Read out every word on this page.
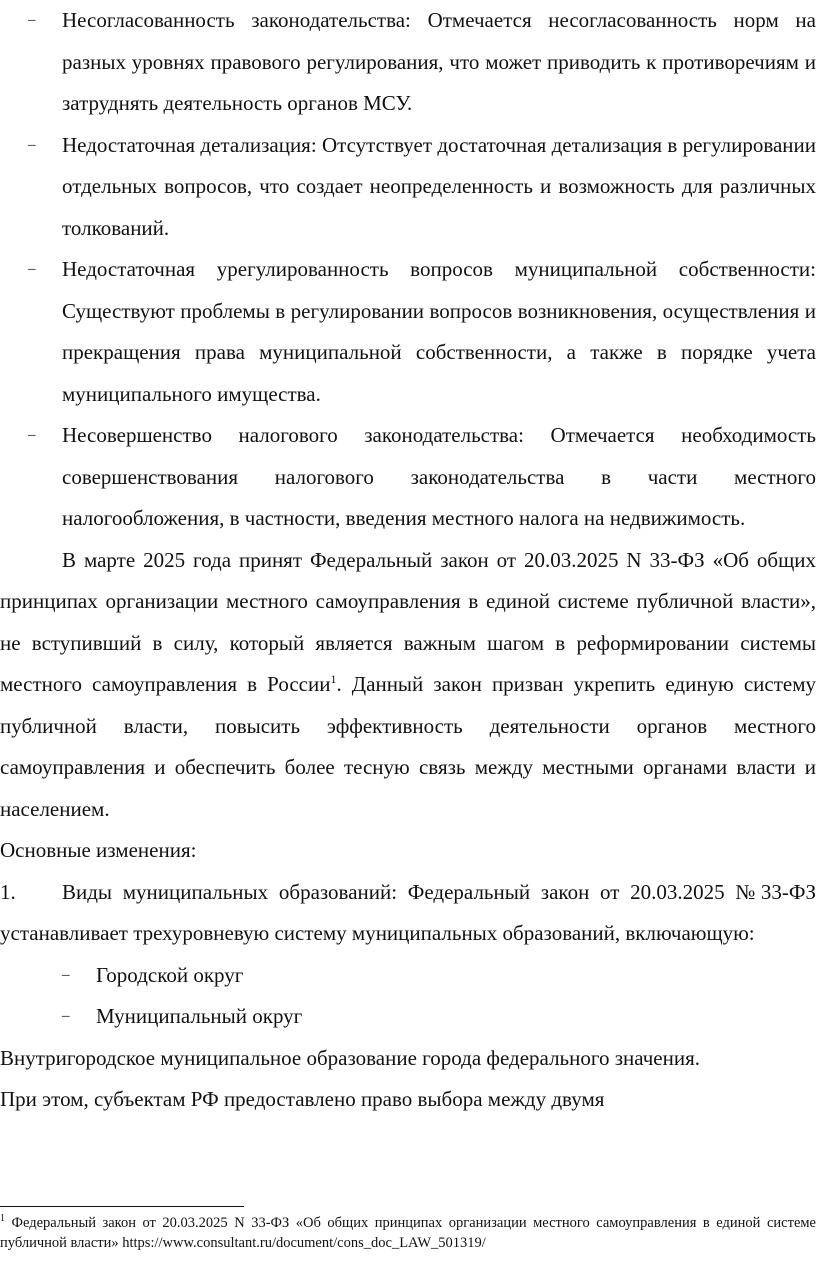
– Несогласованность законодательства: Отмечается несогласованность норм на разных уровнях правового регулирования, что может приводить к противоречиям и затруднять деятельность органов МСУ.

– Недостаточная детализация: Отсутствует достаточная детализация в регулировании отдельных вопросов, что создает неопределенность и возможность для различных толкований.

– Недостаточная урегулированность вопросов муниципальной собственности: Существуют проблемы в регулировании вопросов возникновения, осуществления и прекращения права муниципальной собственности, а также в порядке учета муниципального имущества.

– Несовершенство налогового законодательства: Отмечается необходимость совершенствования налогового законодательства в части местного налогообложения, в частности, введения местного налога на недвижимость.

В марте 2025 года принят Федеральный закон от 20.03.2025 N 33-ФЗ «Об общих принципах организации местного самоуправления в единой системе публичной власти», не вступивший в силу, который является важным шагом в реформировании системы местного самоуправления в России$^1$. Данный закон призван укрепить единую систему публичной власти, повысить эффективность деятельности органов местного самоуправления и обеспечить более тесную связь между местными органами власти и населением.

Основные изменения:

1. Виды муниципальных образований: Федеральный закон от 20.03.2025 №33-ФЗ устанавливает трехуровневую систему муниципальных образований, включающую:

– Городской округ

– Муниципальный округ

Внутригородское муниципальное образование города федерального значения.

При этом, субъектам РФ предоставлено право выбора между двумя

$^1$ Федеральный закон от 20.03.2025 N 33-ФЗ «Об общих принципах организации местного самоуправления в единой системе публичной власти» https://www.consultant.ru/document/cons_doc_LAW_501319/
